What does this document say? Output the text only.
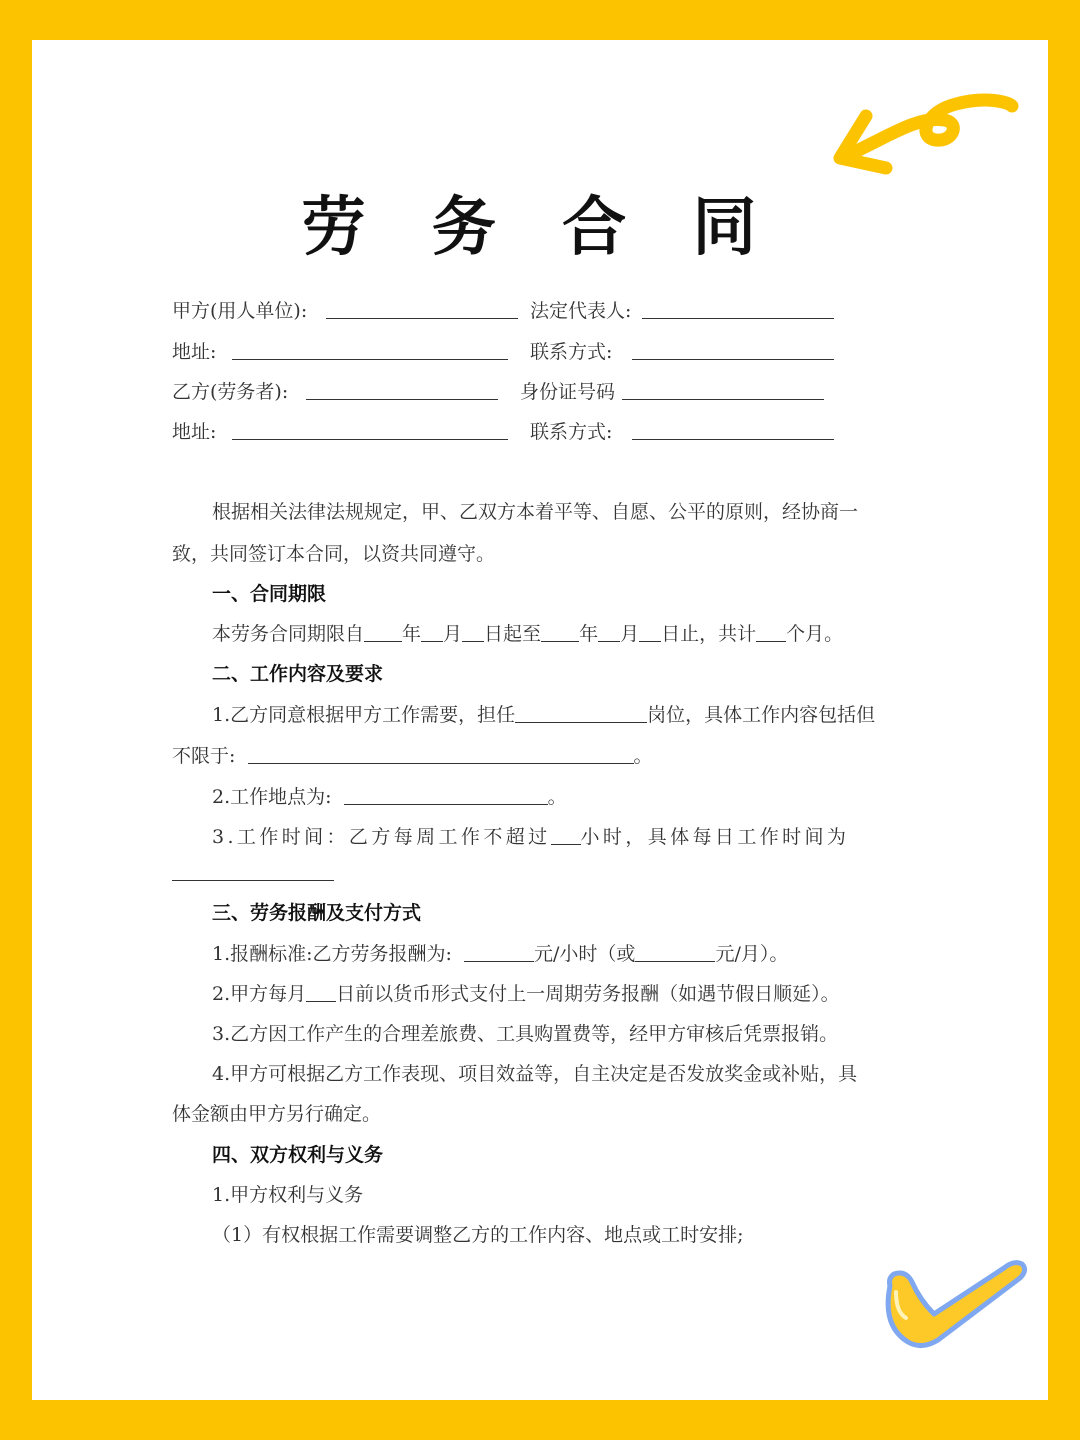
劳 务 合 同
甲方(用人单位):	法定代表人:
地址:	联系方式:
乙方(劳务者):	身份证号码
地址:	联系方式:
根据相关法律法规规定，甲、乙双方本着平等、自愿、公平的原则，经协商一
致，共同签订本合同，以资共同遵守。
一、合同期限
本劳务合同期限自 年 月 日起至 年 月 日止，共计 个月。
二、工作内容及要求
1.乙方同意根据甲方工作需要，担任	岗位，具体工作内容包括但
不限于:	。
2.工作地点为:	。
3.工作时间：乙方每周工作不超过 小时，具体每日工作时间为
三、劳务报酬及支付方式
1.报酬标准:乙方劳务报酬为:	元/小时（或	元/月）。
2.甲方每月 日前以货币形式支付上一周期劳务报酬（如遇节假日顺延）。
3.乙方因工作产生的合理差旅费、工具购置费等，经甲方审核后凭票报销。
4.甲方可根据乙方工作表现、项目效益等，自主决定是否发放奖金或补贴，具
体金额由甲方另行确定。
四、双方权利与义务
1.甲方权利与义务
（1）有权根据工作需要调整乙方的工作内容、地点或工时安排;
